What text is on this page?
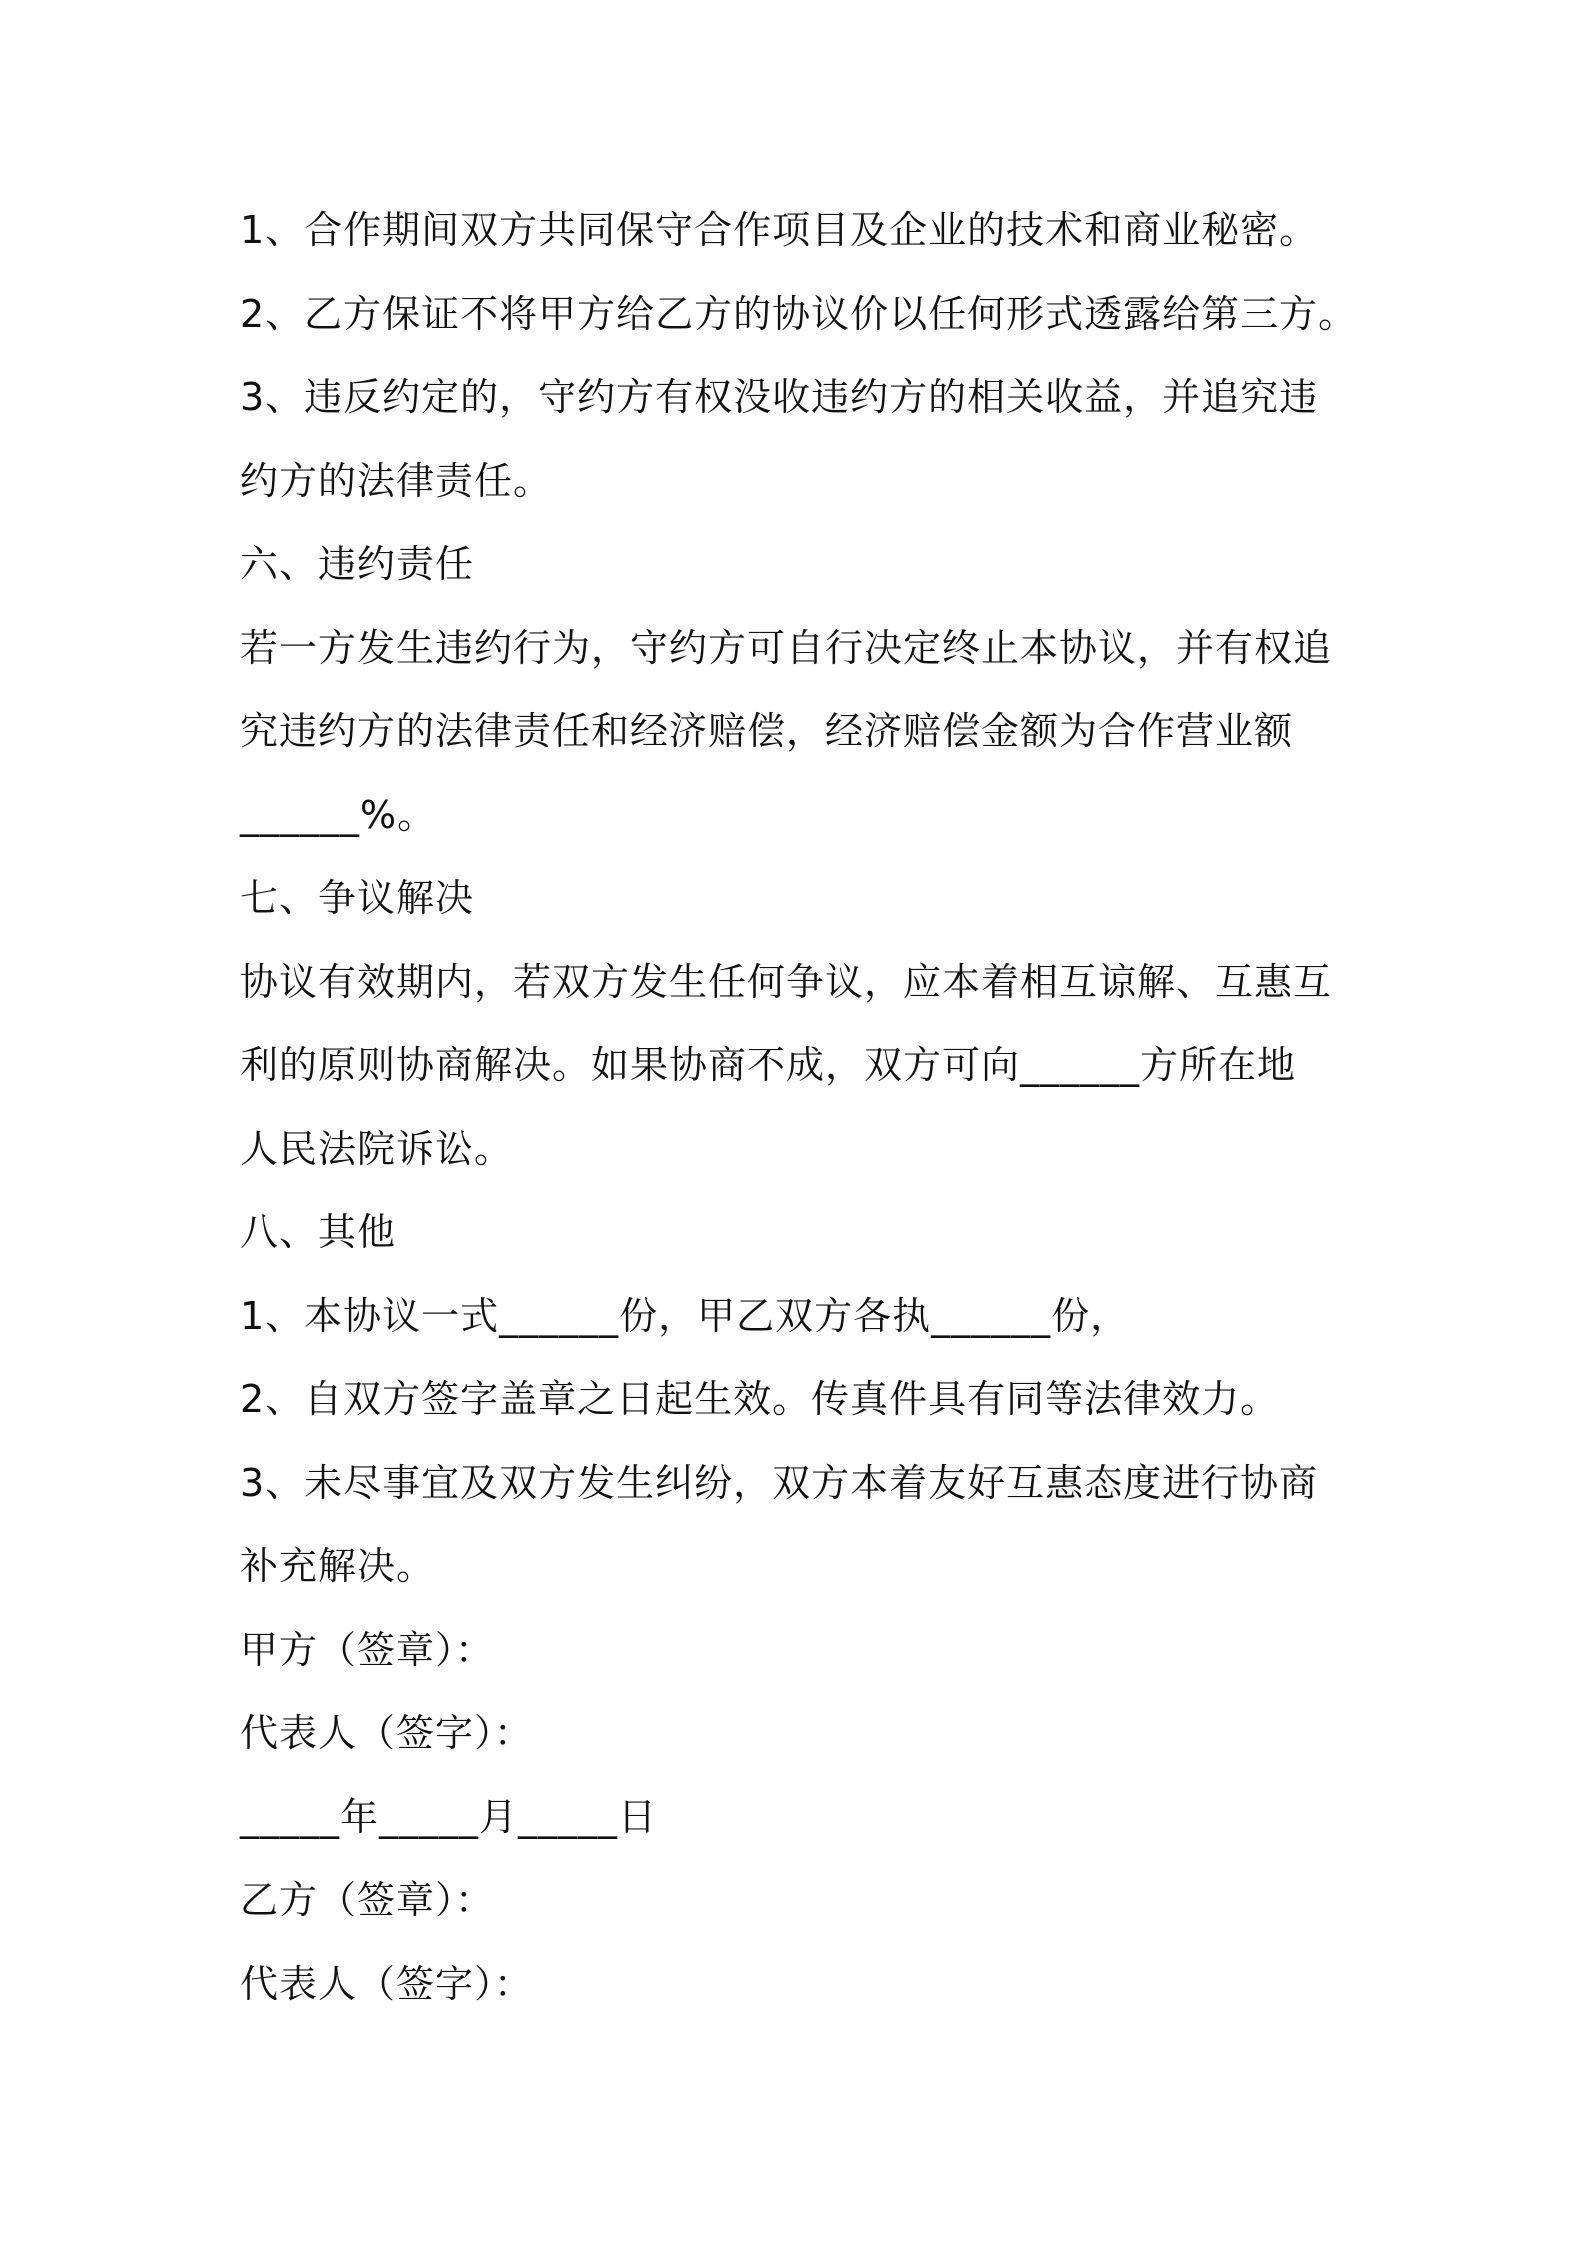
1、合作期间双方共同保守合作项目及企业的技术和商业秘密。
2、乙方保证不将甲方给乙方的协议价以任何形式透露给第三方。
3、违反约定的，守约方有权没收违约方的相关收益，并追究违
约方的法律责任。
六、违约责任
若一方发生违约行为，守约方可自行决定终止本协议，并有权追
究违约方的法律责任和经济赔偿，经济赔偿金额为合作营业额
______%。
七、争议解决
协议有效期内，若双方发生任何争议，应本着相互谅解、互惠互
利的原则协商解决。如果协商不成，双方可向______方所在地
人民法院诉讼。
八、其他
1、本协议一式______份，甲乙双方各执______份，
2、自双方签字盖章之日起生效。传真件具有同等法律效力。
3、未尽事宜及双方发生纠纷，双方本着友好互惠态度进行协商
补充解决。
甲方（签章）：
代表人（签字）：
_____年_____月_____日
乙方（签章）：
代表人（签字）：
